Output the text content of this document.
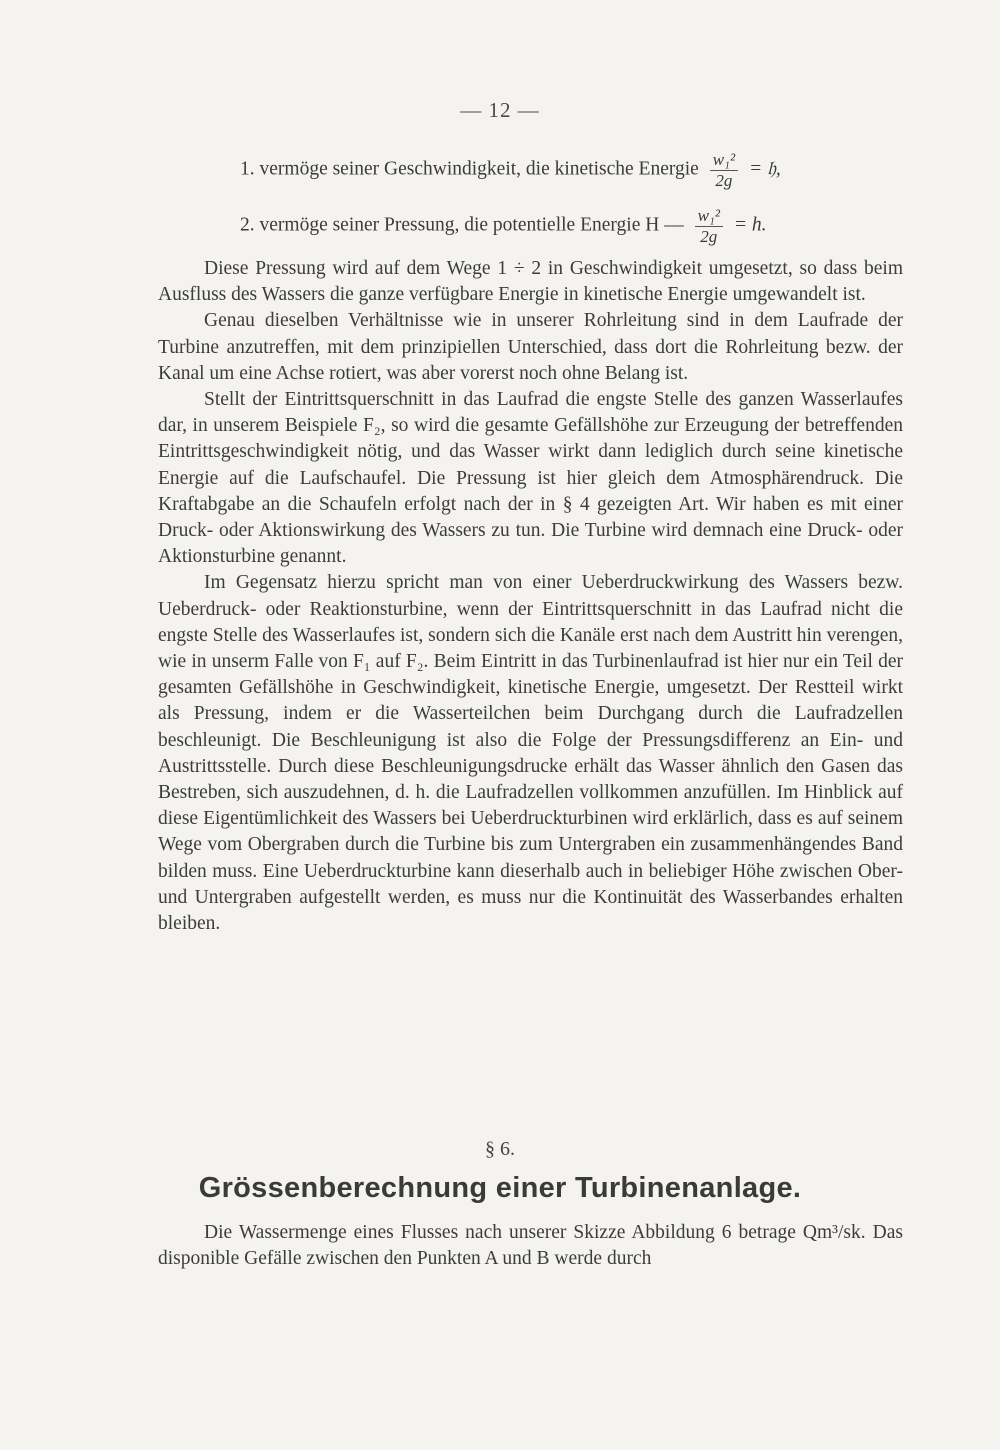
— 12 —
1. vermöge seiner Geschwindigkeit, die kinetische Energie $\frac{\text{w₁²}}{2g}$ = 𝔥,
2. vermöge seiner Pressung, die potentielle Energie H — $\frac{\text{w₁²}}{2g} = h$.

Diese Pressung wird auf dem Wege 1 ÷ 2 in Geschwindigkeit umgesetzt, so dass beim Ausfluss des Wassers die ganze verfügbare Energie in kinetische Energie umgewandelt ist.

Genau dieselben Verhältnisse wie in unserer Rohrleitung sind in dem Laufrade der Turbine anzutreffen, mit dem prinzipiellen Unterschied, dass dort die Rohrleitung bezw. der Kanal um eine Achse rotiert, was aber vorerst noch ohne Belang ist.

Stellt der Eintrittsquerschnitt in das Laufrad die engste Stelle des ganzen Wasserlaufes dar, in unserem Beispiele F₂, so wird die gesamte Gefällshöhe zur Erzeugung der betreffenden Eintrittsgeschwindigkeit nötig, und das Wasser wirkt dann lediglich durch seine kinetische Energie auf die Laufschaufel. Die Pressung ist hier gleich dem Atmosphärendruck. Die Kraftabgabe an die Schaufeln erfolgt nach der in § 4 gezeigten Art. Wir haben es mit einer Druck- oder Aktionswirkung des Wassers zu tun. Die Turbine wird demnach eine Druck- oder Aktionsturbine genannt.

Im Gegensatz hierzu spricht man von einer Ueberdruckwirkung des Wassers bezw. Ueberdruck- oder Reaktionsturbine, wenn der Eintrittsquerschnitt in das Laufrad nicht die engste Stelle des Wasserlaufes ist, sondern sich die Kanäle erst nach dem Austritt hin verengen, wie in unserm Falle von F₁ auf F₂. Beim Eintritt in das Turbinenlaufrad ist hier nur ein Teil der gesamten Gefällshöhe in Geschwindigkeit, kinetische Energie, umgesetzt. Der Restteil wirkt als Pressung, indem er die Wasserteilchen beim Durchgang durch die Laufradzellen beschleunigt. Die Beschleunigung ist also die Folge der Pressungsdifferenz an Ein- und Austrittsstelle. Durch diese Beschleunigungsdrucke erhält das Wasser ähnlich den Gasen das Bestreben, sich auszudehnen, d. h. die Laufradzellen vollkommen anzufüllen. Im Hinblick auf diese Eigentümlichkeit des Wassers bei Ueberdruckturbinen wird erklärlich, dass es auf seinem Wege vom Obergraben durch die Turbine bis zum Untergraben ein zusammenhängendes Band bilden muss. Eine Ueberdruckturbine kann dieserhalb auch in beliebiger Höhe zwischen Ober- und Untergraben aufgestellt werden, es muss nur die Kontinuität des Wasserbandes erhalten bleiben.

§ 6.
Grössenberechnung einer Turbinenanlage.

Die Wassermenge eines Flusses nach unserer Skizze Abbildung 6 betrage Qm³/sk. Das disponible Gefälle zwischen den Punkten A und B werde durch
